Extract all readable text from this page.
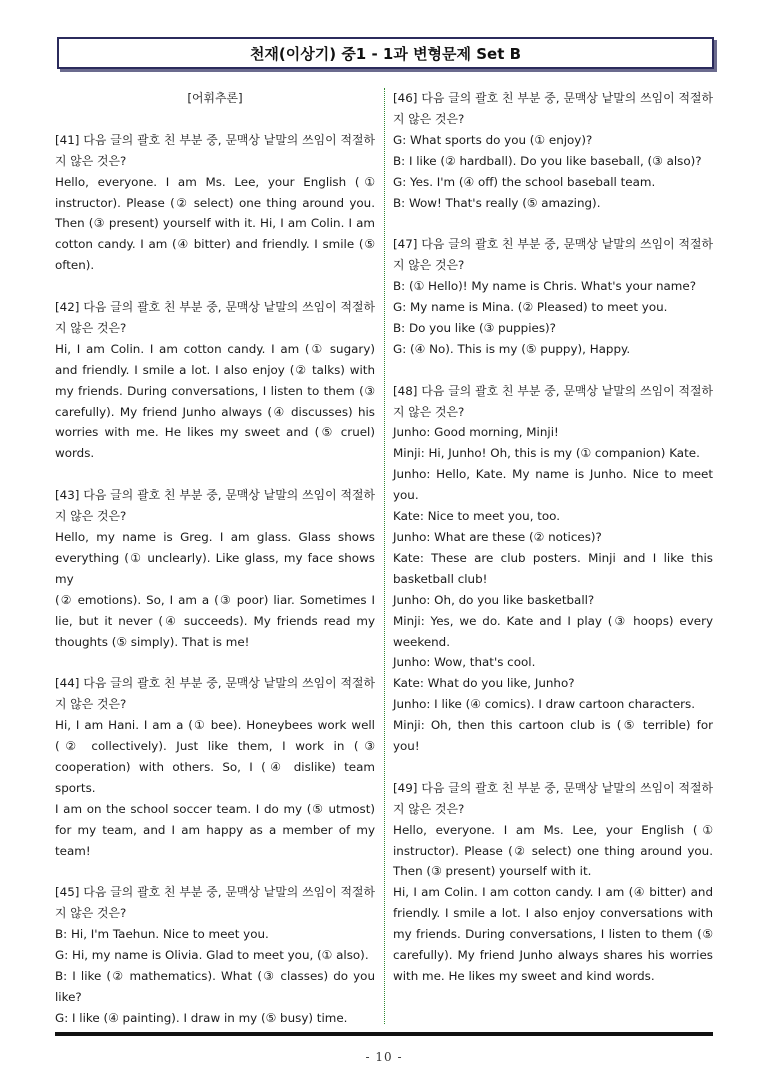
천재(이상기) 중1 - 1과 변형문제 Set B
[어휘추론]
[41] 다음 글의 괄호 친 부분 중, 문맥상 낱말의 쓰임이 적절하
지 않은 것은?
Hello, everyone. I am Ms. Lee, your English (①
instructor). Please (② select) one thing around you.
Then (③ present) yourself with it. Hi, I am Colin. I am
cotton candy. I am (④ bitter) and friendly. I smile (⑤
often).
[42] 다음 글의 괄호 친 부분 중, 문맥상 낱말의 쓰임이 적절하
지 않은 것은?
Hi, I am Colin. I am cotton candy. I am (① sugary)
and friendly. I smile a lot. I also enjoy (② talks) with
my friends. During conversations, I listen to them (③
carefully). My friend Junho always (④ discusses) his
worries with me. He likes my sweet and (⑤ cruel)
words.
[43] 다음 글의 괄호 친 부분 중, 문맥상 낱말의 쓰임이 적절하
지 않은 것은?
Hello, my name is Greg. I am glass. Glass shows
everything (① unclearly). Like glass, my face shows my
(② emotions). So, I am a (③ poor) liar. Sometimes I
lie, but it never (④ succeeds). My friends read my
thoughts (⑤ simply). That is me!
[44] 다음 글의 괄호 친 부분 중, 문맥상 낱말의 쓰임이 적절하
지 않은 것은?
Hi, I am Hani. I am a (① bee). Honeybees work well
(② collectively). Just like them, I work in (③
cooperation) with others. So, I (④ dislike) team sports.
I am on the school soccer team. I do my (⑤ utmost)
for my team, and I am happy as a member of my
team!
[45] 다음 글의 괄호 친 부분 중, 문맥상 낱말의 쓰임이 적절하
지 않은 것은?
B: Hi, I'm Taehun. Nice to meet you.
G: Hi, my name is Olivia. Glad to meet you, (① also).
B: I like (② mathematics). What (③ classes) do you
like?
G: I like (④ painting). I draw in my (⑤ busy) time.
[46] 다음 글의 괄호 친 부분 중, 문맥상 낱말의 쓰임이 적절하
지 않은 것은?
G: What sports do you (① enjoy)?
B: I like (② hardball). Do you like baseball, (③ also)?
G: Yes. I'm (④ off) the school baseball team.
B: Wow! That's really (⑤ amazing).
[47] 다음 글의 괄호 친 부분 중, 문맥상 낱말의 쓰임이 적절하
지 않은 것은?
B: (① Hello)! My name is Chris. What's your name?
G: My name is Mina. (② Pleased) to meet you.
B: Do you like (③ puppies)?
G: (④ No). This is my (⑤ puppy), Happy.
[48] 다음 글의 괄호 친 부분 중, 문맥상 낱말의 쓰임이 적절하
지 않은 것은?
Junho: Good morning, Minji!
Minji: Hi, Junho! Oh, this is my (① companion) Kate.
Junho: Hello, Kate. My name is Junho. Nice to meet
you.
Kate: Nice to meet you, too.
Junho: What are these (② notices)?
Kate: These are club posters. Minji and I like this
basketball club!
Junho: Oh, do you like basketball?
Minji: Yes, we do. Kate and I play (③ hoops) every
weekend.
Junho: Wow, that's cool.
Kate: What do you like, Junho?
Junho: I like (④ comics). I draw cartoon characters.
Minji: Oh, then this cartoon club is (⑤ terrible) for
you!
[49] 다음 글의 괄호 친 부분 중, 문맥상 낱말의 쓰임이 적절하
지 않은 것은?
Hello, everyone. I am Ms. Lee, your English (①
instructor). Please (② select) one thing around you.
Then (③ present) yourself with it.
Hi, I am Colin. I am cotton candy. I am (④ bitter) and
friendly. I smile a lot. I also enjoy conversations with
my friends. During conversations, I listen to them (⑤
carefully). My friend Junho always shares his worries
with me. He likes my sweet and kind words.
- 10 -
